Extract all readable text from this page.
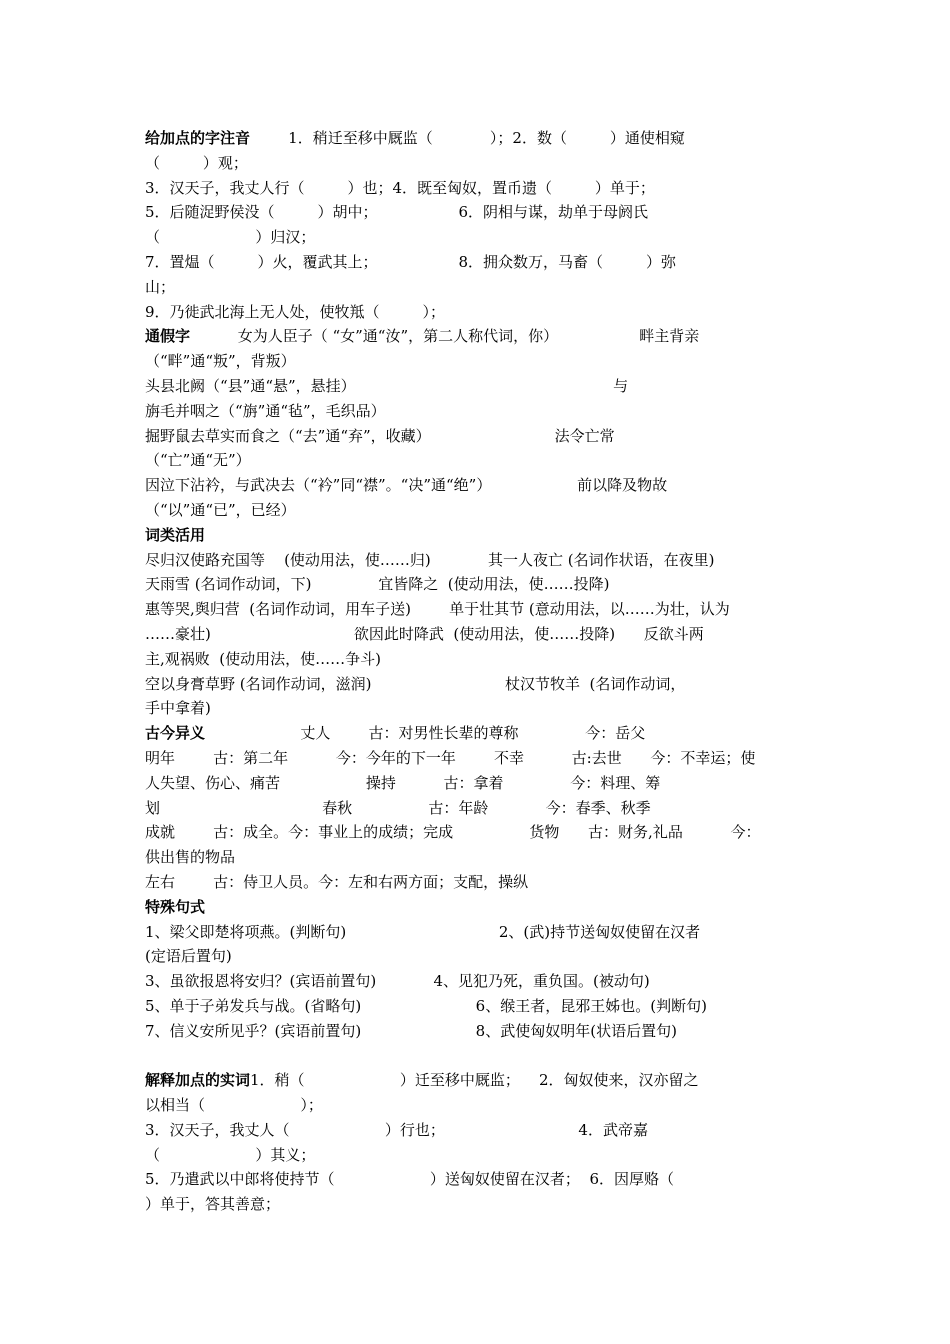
给加点的字注音        1．稍迁至移中厩监（            ）；2．数（         ）通使相窥
（         ）观；
3．汉天子，我丈人行（         ）也；4．既至匈奴，置币遗（         ）单于；
5．后随浞野侯没（         ）胡中；                 6．阴相与谋，劫单于母阏氏
（                    ）归汉；
7．置煴（         ）火，覆武其上；                 8．拥众数万，马畜（         ）弥
山；
9．乃徙武北海上无人处，使牧羝（         ）；
通假字          女为人臣子（ “女”通“汝”，第二人称代词，你）                 畔主背亲
（“畔”通“叛”，背叛）
头县北阙（“县”通“悬”，悬挂）                                                      与
旃毛并咽之（“旃”通“毡”，毛织品）
掘野鼠去草实而食之（“去”通“弃”，收藏）                          法令亡常
（“亡”通“无”）
因泣下沾衿，与武决去（“衿”同“襟”。“决”通“绝”）                  前以降及物故
（“以”通“已”，已经）
词类活用
尽归汉使路充国等    (使动用法，使……归)            其一人夜亡 (名词作状语，在夜里)
天雨雪 (名词作动词，下)              宜皆降之  (使动用法，使……投降)
惠等哭,舆归营  (名词作动词，用车子送)        单于壮其节 (意动用法，以……为壮，认为
……豪壮)                              欲因此时降武  (使动用法，使……投降)      反欲斗两
主,观祸败  (使动用法，使……争斗)
空以身膏草野 (名词作动词，滋润)                            杖汉节牧羊  (名词作动词，
手中拿着)
古今异义                    丈人        古：对男性长辈的尊称              今：岳父
明年        古：第二年          今：今年的下一年        不幸          古:去世      今：不幸运；使
人失望、伤心、痛苦                  操持          古：拿着              今：料理、筹
划                                  春秋                古：年龄            今：春季、秋季
成就        古：成全。今：事业上的成绩；完成                货物      古：财务,礼品          今：
供出售的物品
左右        古：侍卫人员。今：左和右两方面；支配，操纵
特殊句式
1、梁父即楚将项燕。(判断句)                                2、(武)持节送匈奴使留在汉者
(定语后置句)
3、虽欲报恩将安归？(宾语前置句)            4、见犯乃死，重负国。(被动句)
5、单于子弟发兵与战。(省略句)                        6、缑王者，昆邪王姊也。(判断句)
7、信义安所见乎？(宾语前置句)                        8、武使匈奴明年(状语后置句)
解释加点的实词1．稍（                    ）迁至移中厩监；    2．匈奴使来，汉亦留之
以相当（                    ）；
3．汉天子，我丈人（                    ）行也；                            4．武帝嘉
（                    ）其义；
5．乃遣武以中郎将使持节（                    ）送匈奴使留在汉者；  6．因厚赂（
）单于，答其善意；
